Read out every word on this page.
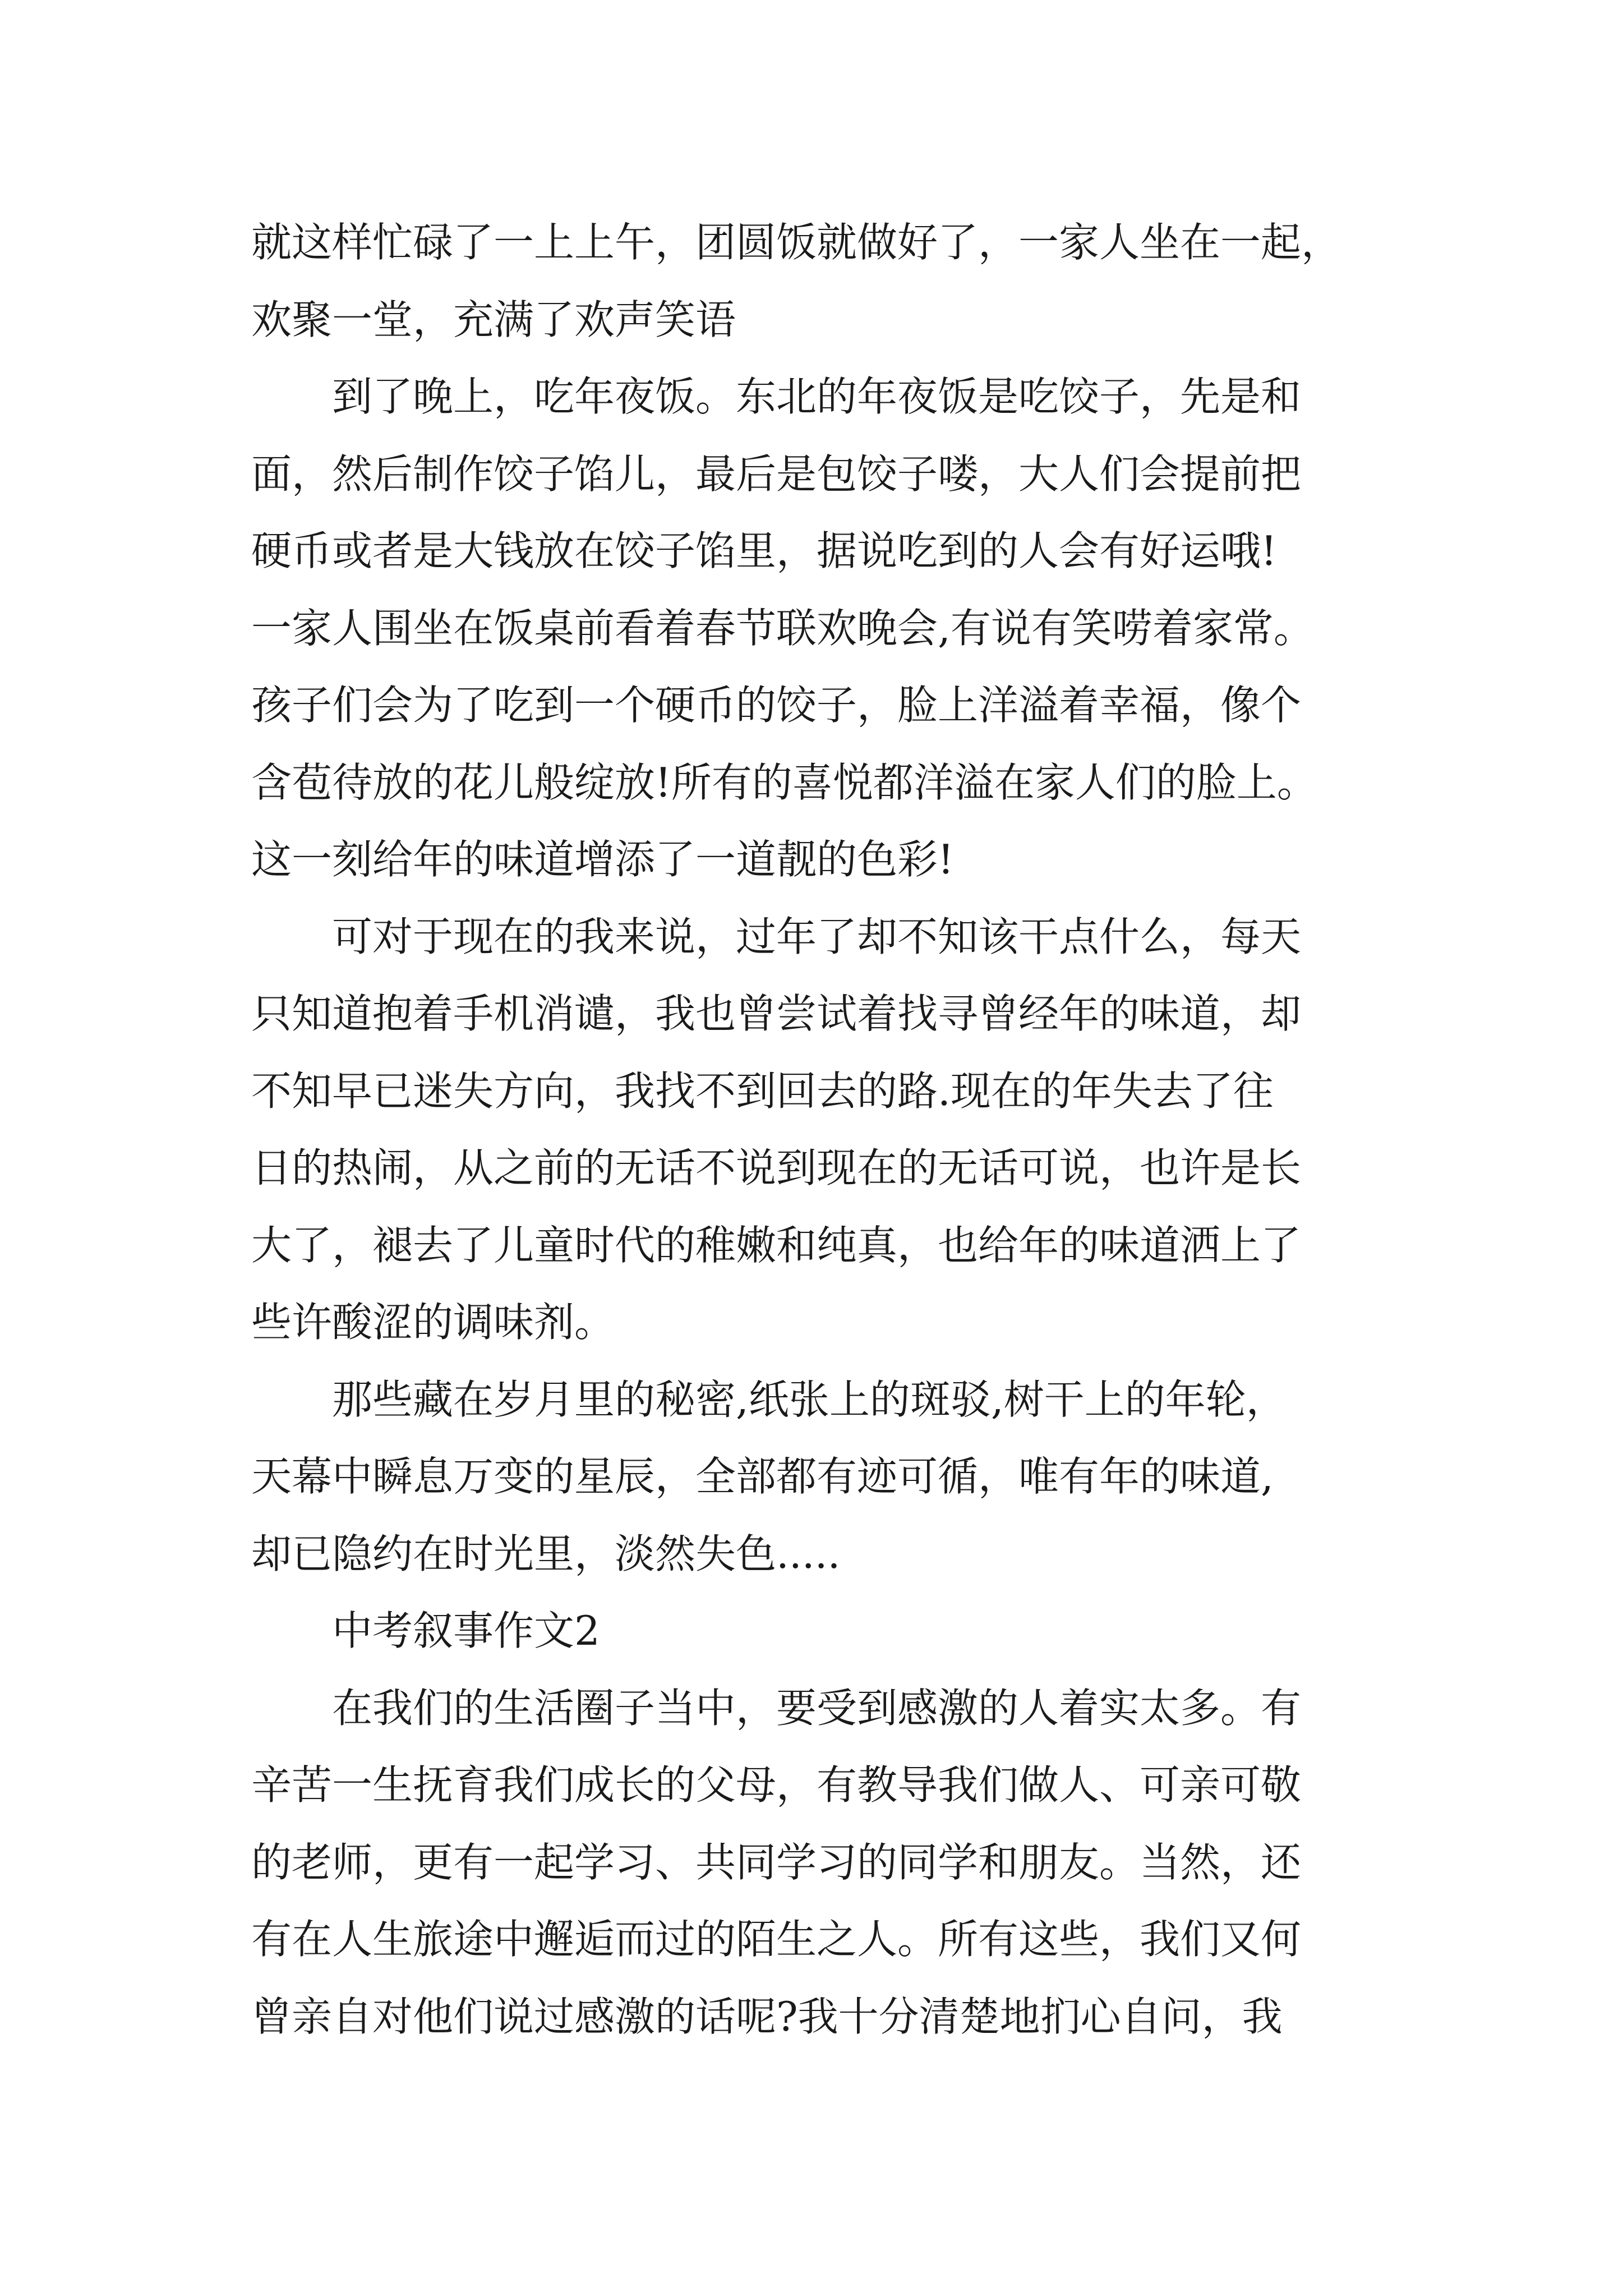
就这样忙碌了一上上午，团圆饭就做好了，一家人坐在一起，
欢聚一堂，充满了欢声笑语
到了晚上，吃年夜饭。东北的年夜饭是吃饺子，先是和
面，然后制作饺子馅儿，最后是包饺子喽，大人们会提前把
硬币或者是大钱放在饺子馅里，据说吃到的人会有好运哦!
一家人围坐在饭桌前看着春节联欢晚会,有说有笑唠着家常。
孩子们会为了吃到一个硬币的饺子，脸上洋溢着幸福，像个
含苞待放的花儿般绽放!所有的喜悦都洋溢在家人们的脸上。
这一刻给年的味道增添了一道靓的色彩!
可对于现在的我来说，过年了却不知该干点什么，每天
只知道抱着手机消谴，我也曾尝试着找寻曾经年的味道，却
不知早已迷失方向，我找不到回去的路.现在的年失去了往
日的热闹，从之前的无话不说到现在的无话可说，也许是长
大了，褪去了儿童时代的稚嫩和纯真，也给年的味道洒上了
些许酸涩的调味剂。
那些藏在岁月里的秘密,纸张上的斑驳,树干上的年轮，
天幕中瞬息万变的星辰，全部都有迹可循，唯有年的味道,
却已隐约在时光里，淡然失色.....
中考叙事作文2
在我们的生活圈子当中，要受到感激的人着实太多。有
辛苦一生抚育我们成长的父母，有教导我们做人、可亲可敬
的老师，更有一起学习、共同学习的同学和朋友。当然，还
有在人生旅途中邂逅而过的陌生之人。所有这些，我们又何
曾亲自对他们说过感激的话呢?我十分清楚地扪心自问，我
